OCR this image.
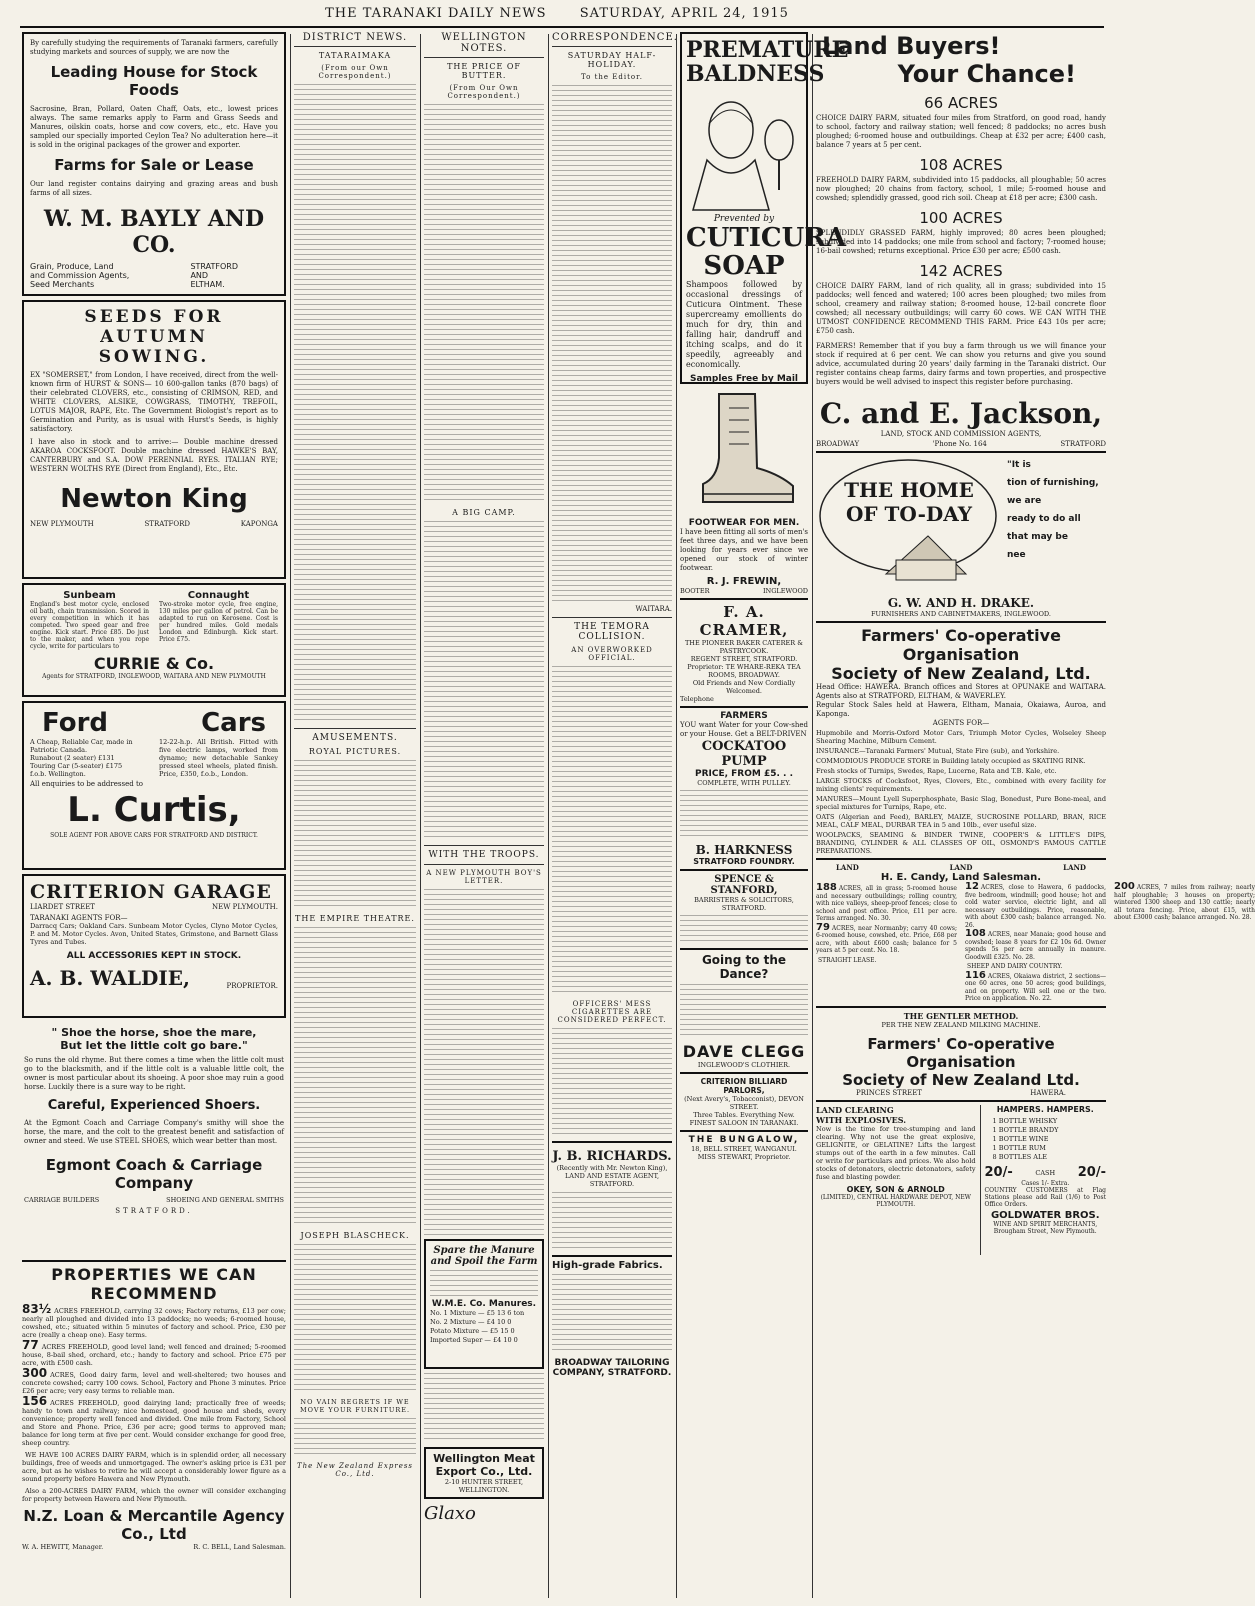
THE TARANAKI DAILY NEWS	SATURDAY, APRIL 24, 1915
By carefully studying the requirements of Taranaki farmers, carefully studying markets and sources of supply, we are now the
Leading House for Stock Foods
Sacrosine, Bran, Pollard, Oaten Chaff, Oats, etc., lowest prices always. The same remarks apply to Farm and Grass Seeds and Manures, oilskin coats, horse and cow covers, etc., etc. Have you sampled our specially imported Ceylon Tea? No adulteration here—it is sold in the original packages of the grower and exporter.
Farms for Sale or Lease
Our land register contains dairying and grazing areas and bush farms of all sizes.
W. M. BAYLY AND CO.
Grain, Produce, Land
and Commission Agents,
Seed Merchants
STRATFORD
AND
ELTHAM.
SEEDS FOR AUTUMN
SOWING.
EX "SOMERSET," from London, I have received, direct from the well-known firm of HURST & SONS— 10 600-gallon tanks (870 bags) of their celebrated CLOVERS, etc., consisting of CRIMSON, RED, and WHITE CLOVERS, ALSIKE, COWGRASS, TIMOTHY, TREFOIL, LOTUS MAJOR, RAPE, Etc. The Government Biologist's report as to Germination and Purity, as is usual with Hurst's Seeds, is highly satisfactory.
I have also in stock and to arrive:— Double machine dressed AKAROA COCKSFOOT. Double machine dressed HAWKE'S BAY, CANTERBURY and S.A. DOW PERENNIAL RYES. ITALIAN RYE; WESTERN WOLTHS RYE (Direct from England), Etc., Etc.
Newton King
NEW PLYMOUTH	STRATFORD	KAPONGA
Sunbeam
England's best motor cycle, enclosed oil bath, chain transmission. Scored in every competition in which it has competed. Two speed gear and free engine. Kick start. Price £85. Do just to the maker, and when you rope cycle, write for particulars to
Connaught
Two-stroke motor cycle, free engine, 130 miles per gallon of petrol. Can be adapted to run on Kerosene. Cost is per hundred miles. Gold medals London and Edinburgh. Kick start. Price £75.
CURRIE & Co.
Agents for STRATFORD, INGLEWOOD, WAITARA AND NEW PLYMOUTH
Ford	Cars
A Cheap, Reliable Car, made in Patriotic Canada.
Runabout (2 seater) £131
Touring Car (5-seater) £175
f.o.b. Wellington.
12-22-h.p. All British. Fitted with five electric lamps, worked from dynamo; new detachable Sankey pressed steel wheels, plated finish. Price, £350, f.o.b., London.
All enquiries to be addressed to
L. Curtis,
SOLE AGENT FOR ABOVE CARS FOR STRATFORD AND DISTRICT.
CRITERION GARAGE
LIARDET STREET	NEW PLYMOUTH.
TARANAKI AGENTS FOR—
Darracq Cars; Oakland Cars. Sunbeam Motor Cycles, Clyno Motor Cycles, P. and M. Motor Cycles. Avon, United States, Grimstone, and Barnett Glass Tyres and Tubes.
ALL ACCESSORIES KEPT IN STOCK.
A. B. WALDIE,	PROPRIETOR.
" Shoe the horse, shoe the mare,
But let the little colt go bare."
So runs the old rhyme. But there comes a time when the little colt must go to the blacksmith, and if the little colt is a valuable little colt, the owner is most particular about its shoeing. A poor shoe may ruin a good horse. Luckily there is a sure way to be right.
Careful, Experienced Shoers.
At the Egmont Coach and Carriage Company's smithy will shoe the horse, the mare, and the colt to the greatest benefit and satisfaction of owner and steed. We use STEEL SHOES, which wear better than most.
Egmont Coach & Carriage Company
CARRIAGE BUILDERS	SHOEING AND GENERAL SMITHS
STRATFORD.
PROPERTIES WE CAN RECOMMEND
83½ ACRES FREEHOLD, carrying 32 cows; Factory returns, £13 per cow; nearly all ploughed and divided into 13 paddocks; no weeds; 6-roomed house, cowshed, etc.; situated within 5 minutes of factory and school. Price, £30 per acre (really a cheap one). Easy terms.
77 ACRES FREEHOLD, good level land; well fenced and drained; 5-roomed house, 8-bail shed, orchard, etc.; handy to factory and school. Price £75 per acre, with £500 cash.
300 ACRES, Good dairy farm, level and well-sheltered; two houses and concrete cowshed; carry 100 cows. School, Factory and Phone 3 minutes. Price £26 per acre; very easy terms to reliable man.
156 ACRES FREEHOLD, good dairying land; practically free of weeds; handy to town and railway; nice homestead, good house and sheds, every convenience; property well fenced and divided. One mile from Factory, School and Store and Phone. Price, £36 per acre; good terms to approved man; balance for long term at five per cent. Would consider exchange for good free, sheep country.
WE HAVE 100 ACRES DAIRY FARM, which is in splendid order, all necessary buildings, free of weeds and unmortgaged. The owner's asking price is £31 per acre, but as he wishes to retire he will accept a considerably lower figure as a sound property before Hawera and New Plymouth.
Also a 200-ACRES DAIRY FARM, which the owner will consider exchanging for property between Hawera and New Plymouth.
N.Z. Loan & Mercantile Agency Co., Ltd
W. A. HEWITT, Manager.	R. C. BELL, Land Salesman.
DISTRICT NEWS.
TATARAIMAKA
(From our Own Correspondent.)
AMUSEMENTS.
ROYAL PICTURES.
THE EMPIRE THEATRE.
JOSEPH BLASCHECK.
NO VAIN REGRETS IF WE MOVE YOUR FURNITURE.
The New Zealand Express Co., Ltd.
WELLINGTON NOTES.
THE PRICE OF BUTTER.
(From Our Own Correspondent.)
A BIG CAMP.
WITH THE TROOPS.
A NEW PLYMOUTH BOY'S LETTER.
Spare the Manure and Spoil the Farm
W.M.E. Co. Manures.
No. 1 Mixture — £5 13 6 ton
No. 2 Mixture — £4 10 0
Potato Mixture — £5 15 0
Imported Super — £4 10 0
Wellington Meat Export Co., Ltd.
2-10 HUNTER STREET, WELLINGTON.
Glaxo
CORRESPONDENCE.
SATURDAY HALF-HOLIDAY.
To the Editor.
WAITARA.
THE TEMORA COLLISION.
AN OVERWORKED OFFICIAL.
OFFICERS' MESS CIGARETTES ARE CONSIDERED PERFECT.
J. B. RICHARDS.
(Recently with Mr. Newton King), LAND AND ESTATE AGENT, STRATFORD.
High-grade Fabrics.
BROADWAY TAILORING COMPANY, STRATFORD.
PREMATURE
BALDNESS
Prevented by
CUTICURA
SOAP
Shampoos followed by occasional dressings of Cuticura Ointment. These supercreamy emollients do much for dry, thin and falling hair, dandruff and itching scalps, and do it speedily, agreeably and economically.
Samples Free by Mail
FOOTWEAR FOR MEN.
I have been fitting all sorts of men's feet three days, and we have been looking for years ever since we opened our stock of winter footwear.
R. J. FREWIN,
BOOTER	INGLEWOOD
F. A. CRAMER,
THE PIONEER BAKER CATERER & PASTRYCOOK.
REGENT STREET, STRATFORD.
Proprietor: TE WHARE-REKA TEA ROOMS, BROADWAY.
Old Friends and New Cordially Welcomed.
Telephone
FARMERS
YOU want Water for your Cow-shed or your House. Get a BELT-DRIVEN
COCKATOO PUMP
PRICE, FROM £5. . .
COMPLETE, WITH PULLEY.
B. HARKNESS
STRATFORD FOUNDRY.
SPENCE & STANFORD,
BARRISTERS & SOLICITORS, STRATFORD.
Going to the Dance?
DAVE CLEGG
INGLEWOOD'S CLOTHIER.
CRITERION BILLIARD PARLORS,
(Next Avery's, Tobacconist), DEVON STREET.
Three Tables. Everything New.
FINEST SALOON IN TARANAKI.
THE BUNGALOW,
18, BELL STREET, WANGANUI.
MISS STEWART, Proprietor.
Land Buyers!
Your Chance!
66 ACRES
CHOICE DAIRY FARM, situated four miles from Stratford, on good road, handy to school, factory and railway station; well fenced; 8 paddocks; no acres bush ploughed; 6-roomed house and outbuildings. Cheap at £32 per acre; £400 cash, balance 7 years at 5 per cent.
108 ACRES
FREEHOLD DAIRY FARM, subdivided into 15 paddocks, all ploughable; 50 acres now ploughed; 20 chains from factory, school, 1 mile; 5-roomed house and cowshed; splendidly grassed, good rich soil. Cheap at £18 per acre; £300 cash.
100 ACRES
SPLENDIDLY GRASSED FARM, highly improved; 80 acres been ploughed; subdivided into 14 paddocks; one mile from school and factory; 7-roomed house; 16-bail cowshed; returns exceptional. Price £30 per acre; £500 cash.
142 ACRES
CHOICE DAIRY FARM, land of rich quality, all in grass; subdivided into 15 paddocks; well fenced and watered; 100 acres been ploughed; two miles from school, creamery and railway station; 8-roomed house, 12-bail concrete floor cowshed; all necessary outbuildings; will carry 60 cows. WE CAN WITH THE UTMOST CONFIDENCE RECOMMEND THIS FARM. Price £43 10s per acre; £750 cash.
FARMERS! Remember that if you buy a farm through us we will finance your stock if required at 6 per cent. We can show you returns and give you sound advice, accumulated during 20 years' daily farming in the Taranaki district. Our register contains cheap farms, dairy farms and town properties, and prospective buyers would be well advised to inspect this register before purchasing.
C. and E. Jackson,
LAND, STOCK AND COMMISSION AGENTS,
BROADWAY	'Phone No. 164	STRATFORD
THE HOME
OF TO-DAY
"It is
tion of furnishing, we are
ready to do all
that may be
nee
G. W. AND H. DRAKE.
FURNISHERS AND CABINETMAKERS, INGLEWOOD.
Farmers' Co-operative Organisation
Society of New Zealand, Ltd.
Head Office: HAWERA. Branch offices and Stores at OPUNAKE and WAITARA. Agents also at STRATFORD, ELTHAM, & WAVERLEY.
Regular Stock Sales held at Hawera, Eltham, Manaia, Okaiawa, Auroa, and Kaponga.
AGENTS FOR—
Hupmobile and Morris-Oxford Motor Cars, Triumph Motor Cycles, Wolseley Sheep Shearing Machine, Milburn Cement.
INSURANCE—Taranaki Farmers' Mutual, State Fire (sub), and Yorkshire.
COMMODIOUS PRODUCE STORE in Building lately occupied as SKATING RINK.
Fresh stocks of Turnips, Swedes, Rape, Lucerne, Rata and T.B. Kale, etc.
LARGE STOCKS of Cocksfoot, Ryes, Clovers, Etc., combined with every facility for mixing clients' requirements.
MANURES—Mount Lyell Superphosphate, Basic Slag, Bonedust, Pure Bone-meal, and special mixtures for Turnips, Rape, etc.
OATS (Algerian and Feed), BARLEY, MAIZE, SUCROSINE POLLARD, BRAN, RICE MEAL, CALF MEAL, DURBAR TEA in 5 and 10lb., ever useful size.
WOOLPACKS, SEAMING & BINDER TWINE, COOPER'S & LITTLE'S DIPS, BRANDING, CYLINDER & ALL CLASSES OF OIL, OSMOND'S FAMOUS CATTLE PREPARATIONS.
LAND	LAND	LAND
H. E. Candy, Land Salesman.
188 ACRES, all in grass; 5-roomed house and necessary outbuildings; rolling country, with nice valleys, sheep-proof fences; close to school and post office. Price, £11 per acre. Terms arranged. No. 30.
79 ACRES, near Normanby; carry 40 cows; 6-roomed house, cowshed, etc. Price, £68 per acre, with about £600 cash; balance for 5 years at 5 per cent. No. 18.
STRAIGHT LEASE.
12 ACRES, close to Hawera, 6 paddocks, five bedroom, windmill; good house; hot and cold water service, electric light, and all necessary outbuildings. Price, reasonable, with about £300 cash; balance arranged. No. 26.
108 ACRES, near Manaia; good house and cowshed; lease 8 years for £2 10s 6d. Owner spends 5s per acre annually in manure. Goodwill £325. No. 28.
SHEEP AND DAIRY COUNTRY.
116 ACRES, Okaiawa district, 2 sections—one 60 acres, one 50 acres; good buildings, and on property. Will sell one or the two. Price on application. No. 22.
200 ACRES, 7 miles from railway; nearly half ploughable; 3 houses on property; wintered 1300 sheep and 130 cattle; nearly all totara fencing. Price, about £15, with about £3000 cash; balance arranged. No. 28.
THE GENTLER METHOD.
PER THE NEW ZEALAND MILKING MACHINE.
Farmers' Co-operative Organisation
Society of New Zealand Ltd.
PRINCES STREET	HAWERA.
LAND CLEARING
WITH EXPLOSIVES.
Now is the time for tree-stumping and land clearing. Why not use the great explosive, GELIGNITE, or GELATINE? Lifts the largest stumps out of the earth in a few minutes. Call or write for particulars and prices. We also hold stocks of detonators, electric detonators, safety fuse and blasting powder.
OKEY, SON & ARNOLD
(LIMITED), CENTRAL HARDWARE DEPOT, NEW PLYMOUTH.
HAMPERS. HAMPERS.
1 BOTTLE WHISKY
1 BOTTLE BRANDY
1 BOTTLE WINE
1 BOTTLE RUM
8 BOTTLES ALE
20/-	CASH 20/-
Cases 1/- Extra.
COUNTRY CUSTOMERS at Flag Stations please add Rail (1/6) to Post Office Orders.
GOLDWATER BROS.
WINE AND SPIRIT MERCHANTS,
Brougham Street, New Plymouth.
